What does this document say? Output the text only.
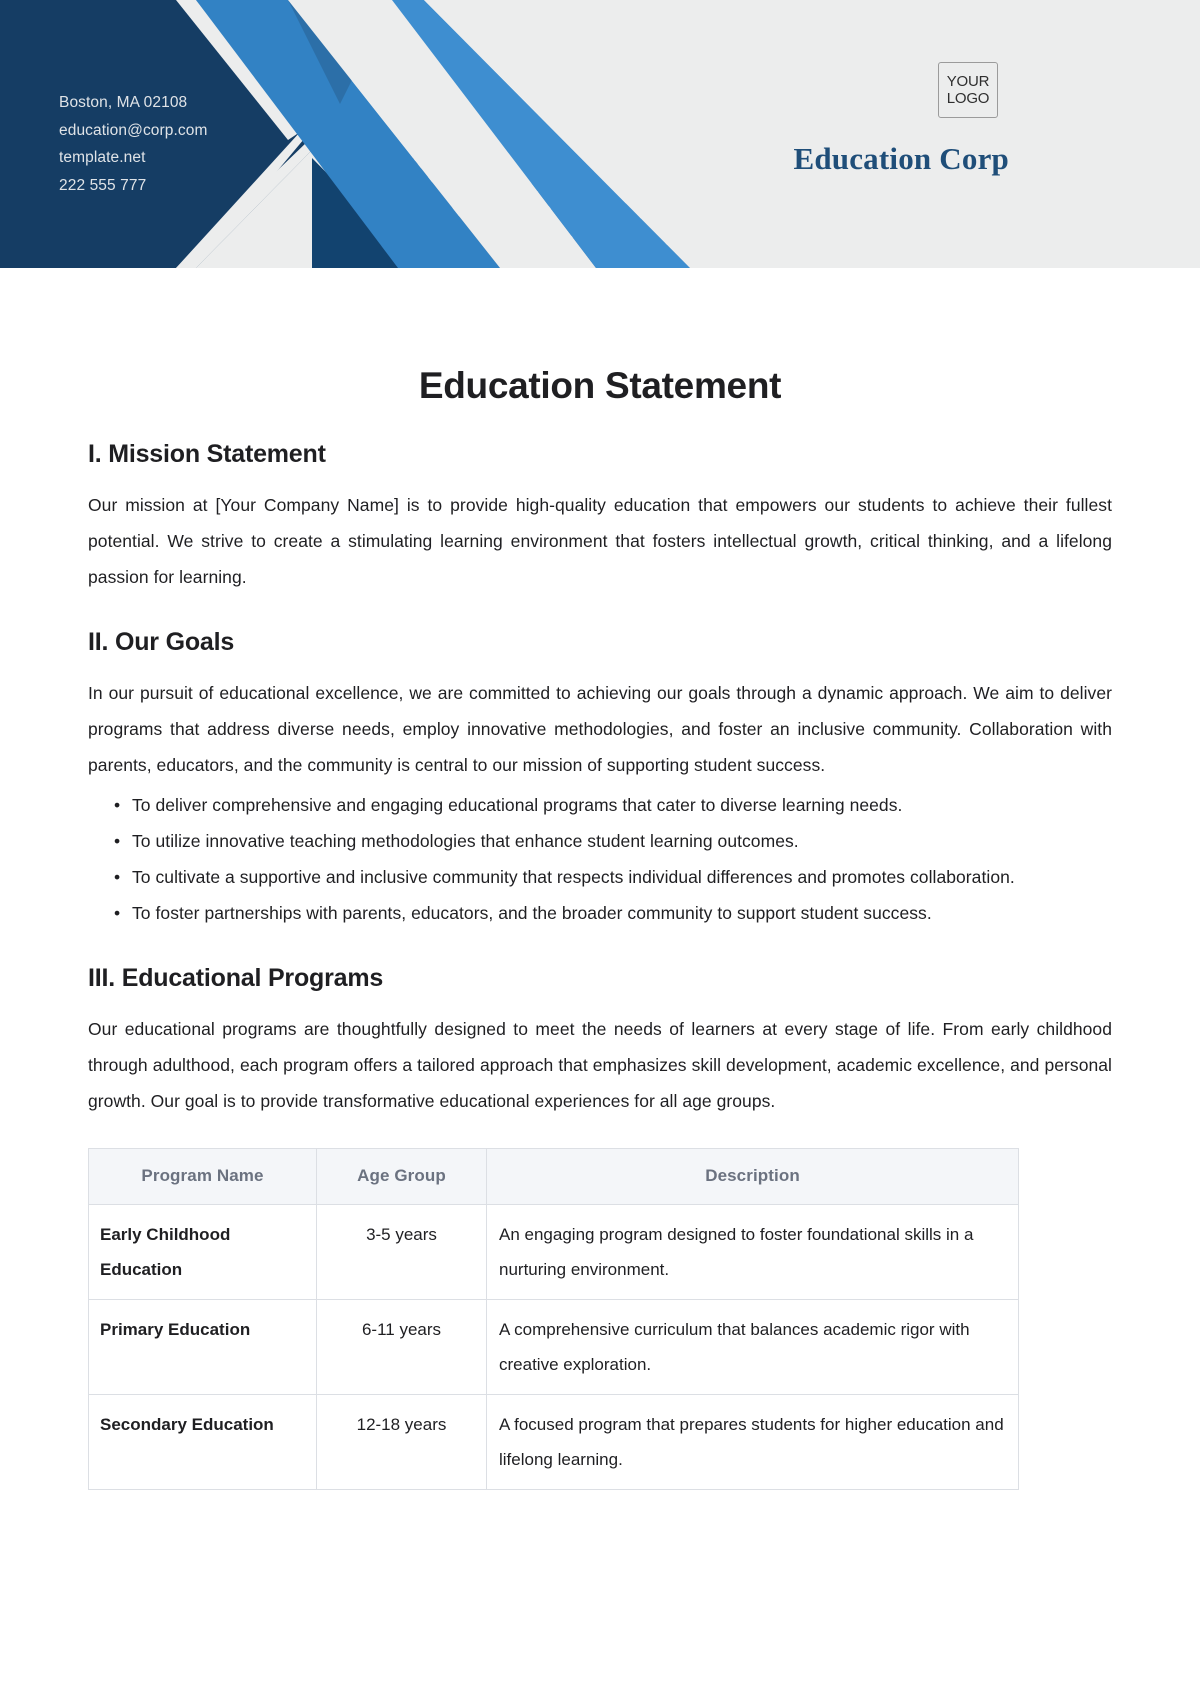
Boston, MA 02108
education@corp.com
template.net
222 555 777
YOUR
LOGO
Education Corp
Education Statement
I. Mission Statement

Our mission at [Your Company Name] is to provide high-quality education that empowers our students to achieve their fullest potential. We strive to create a stimulating learning environment that fosters intellectual growth, critical thinking, and a lifelong passion for learning.

II. Our Goals

In our pursuit of educational excellence, we are committed to achieving our goals through a dynamic approach. We aim to deliver programs that address diverse needs, employ innovative methodologies, and foster an inclusive community. Collaboration with parents, educators, and the community is central to our mission of supporting student success.

• To deliver comprehensive and engaging educational programs that cater to diverse learning needs.
• To utilize innovative teaching methodologies that enhance student learning outcomes.
• To cultivate a supportive and inclusive community that respects individual differences and promotes collaboration.
• To foster partnerships with parents, educators, and the broader community to support student success.
III. Educational Programs

Our educational programs are thoughtfully designed to meet the needs of learners at every stage of life. From early childhood through adulthood, each program offers a tailored approach that emphasizes skill development, academic excellence, and personal growth. Our goal is to provide transformative educational experiences for all age groups.

Program Name	Age Group	Description
Early Childhood Education	3-5 years	An engaging program designed to foster foundational skills in a nurturing environment.
Primary Education	6-11 years	A comprehensive curriculum that balances academic rigor with creative exploration.
Secondary Education	12-18 years	A focused program that prepares students for higher education and lifelong learning.
